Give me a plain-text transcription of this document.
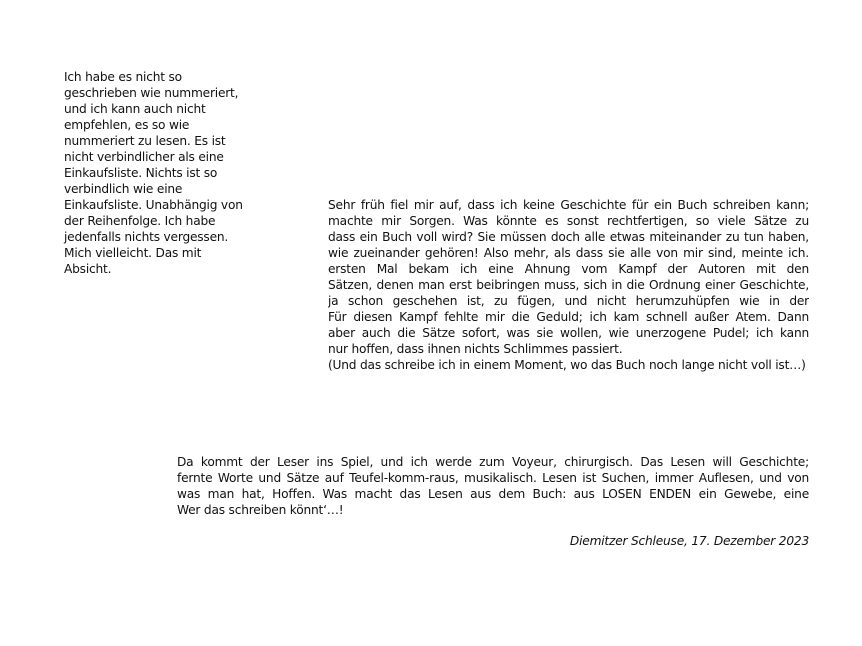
Ich habe es nicht so
geschrieben wie nummeriert,
und ich kann auch nicht
empfehlen, es so wie
nummeriert zu lesen. Es ist
nicht verbindlicher als eine
Einkaufsliste. Nichts ist so
verbindlich wie eine
Einkaufsliste. Unabhängig von
der Reihenfolge. Ich habe
jedenfalls nichts vergessen.
Mich vielleicht. Das mit
Absicht.
Sehr früh fiel mir auf, dass ich keine Geschichte für ein Buch schreiben kann;
machte mir Sorgen. Was könnte es sonst rechtfertigen, so viele Sätze zu
dass ein Buch voll wird? Sie müssen doch alle etwas miteinander zu tun haben,
wie zueinander gehören! Also mehr, als dass sie alle von mir sind, meinte ich.
ersten Mal bekam ich eine Ahnung vom Kampf der Autoren mit den
Sätzen, denen man erst beibringen muss, sich in die Ordnung einer Geschichte,
ja schon geschehen ist, zu fügen, und nicht herumzuhüpfen wie in der
Für diesen Kampf fehlte mir die Geduld; ich kam schnell außer Atem. Dann
aber auch die Sätze sofort, was sie wollen, wie unerzogene Pudel; ich kann
nur hoffen, dass ihnen nichts Schlimmes passiert.
(Und das schreibe ich in einem Moment, wo das Buch noch lange nicht voll ist…)
Da kommt der Leser ins Spiel, und ich werde zum Voyeur, chirurgisch. Das Lesen will Geschichte;
fernte Worte und Sätze auf Teufel-komm-raus, musikalisch. Lesen ist Suchen, immer Auflesen, und von
was man hat, Hoffen. Was macht das Lesen aus dem Buch: aus LOSEN ENDEN ein Gewebe, eine
Wer das schreiben könnt‘…!
Diemitzer Schleuse, 17. Dezember 2023
